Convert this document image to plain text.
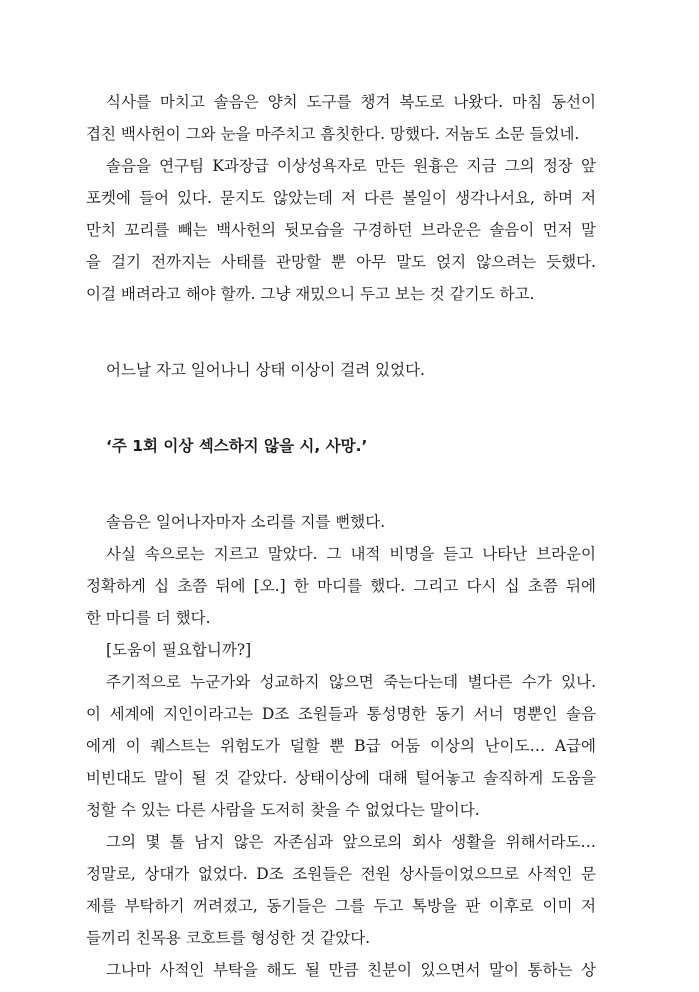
식사를 마치고 솔음은 양치 도구를 챙겨 복도로 나왔다. 마침 동선이

겹친 백사헌이 그와 눈을 마주치고 흠칫한다. 망했다. 저놈도 소문 들었네.

솔음을 연구팀 K과장급 이상성욕자로 만든 원흉은 지금 그의 정장 앞

포켓에 들어 있다. 묻지도 않았는데 저 다른 볼일이 생각나서요, 하며 저

만치 꼬리를 빼는 백사헌의 뒷모습을 구경하던 브라운은 솔음이 먼저 말

을 걸기 전까지는 사태를 관망할 뿐 아무 말도 얹지 않으려는 듯했다.

이걸 배려라고 해야 할까. 그냥 재밌으니 두고 보는 것 같기도 하고.

어느날 자고 일어나니 상태 이상이 걸려 있었다.

‘주 1회 이상 섹스하지 않을 시, 사망.’

솔음은 일어나자마자 소리를 지를 뻔했다.

사실 속으로는 지르고 말았다. 그 내적 비명을 듣고 나타난 브라운이

정확하게 십 초쯤 뒤에 [오.] 한 마디를 했다. 그리고 다시 십 초쯤 뒤에

한 마디를 더 했다.

[도움이 필요합니까?]

주기적으로 누군가와 성교하지 않으면 죽는다는데 별다른 수가 있나.

이 세계에 지인이라고는 D조 조원들과 통성명한 동기 서너 명뿐인 솔음

에게 이 퀘스트는 위험도가 덜할 뿐 B급 어둠 이상의 난이도… A급에

비빈대도 말이 될 것 같았다. 상태이상에 대해 털어놓고 솔직하게 도움을

청할 수 있는 다른 사람을 도저히 찾을 수 없었다는 말이다.

그의 몇 톨 남지 않은 자존심과 앞으로의 회사 생활을 위해서라도…

정말로, 상대가 없었다. D조 조원들은 전원 상사들이었으므로 사적인 문

제를 부탁하기 꺼려졌고, 동기들은 그를 두고 톡방을 판 이후로 이미 저

들끼리 친목용 코호트를 형성한 것 같았다.

그나마 사적인 부탁을 해도 될 만큼 친분이 있으면서 말이 통하는 상
